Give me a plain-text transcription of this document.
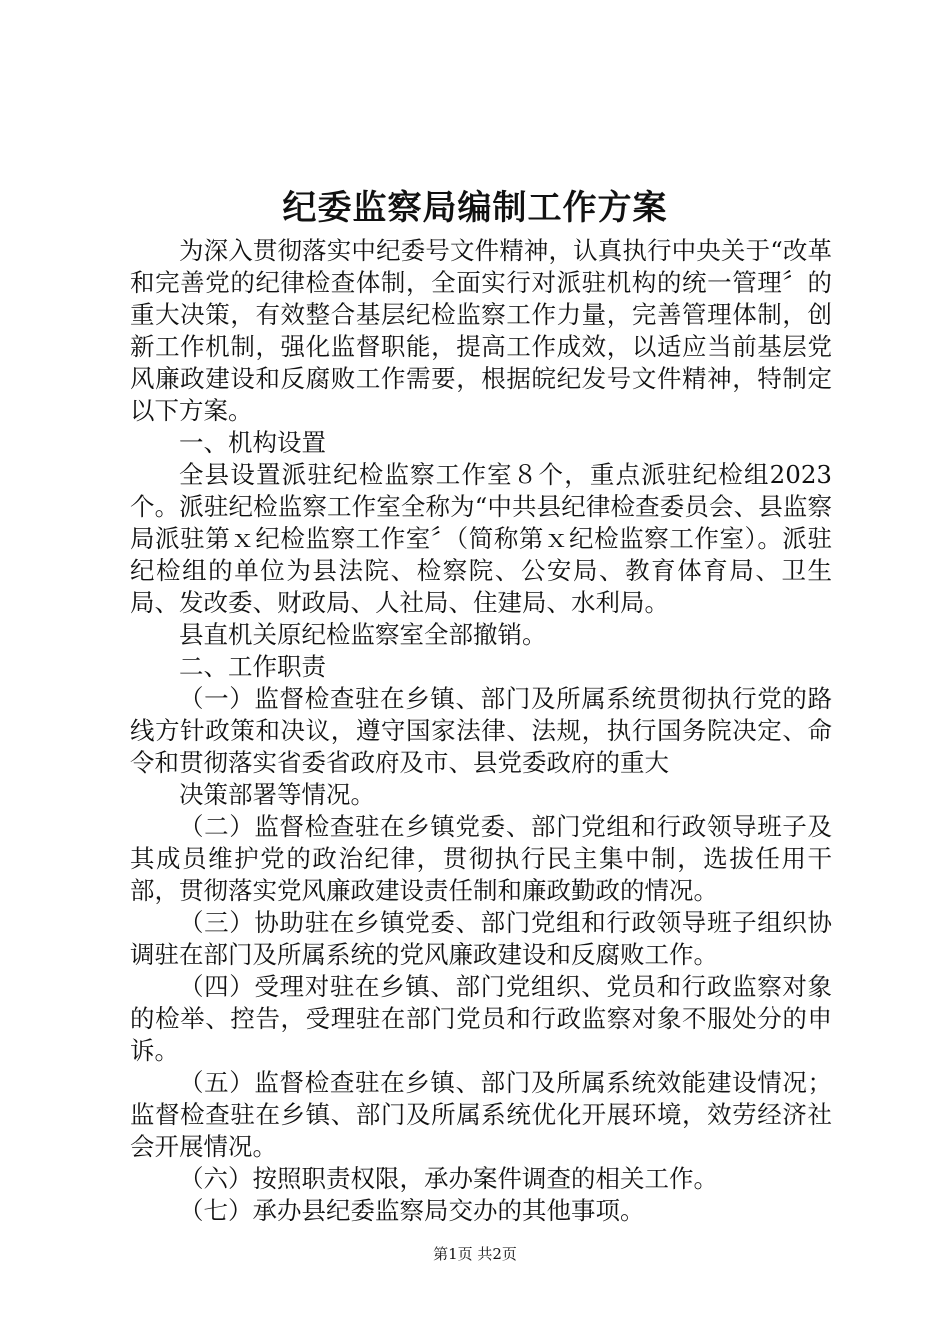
纪委监察局编制工作方案

为深入贯彻落实中纪委号文件精神，认真执行中央关于“改革和完善党的纪律检查体制，全面实行对派驻机构的统一管理〞的重大决策，有效整合基层纪检监察工作力量，完善管理体制，创新工作机制，强化监督职能，提高工作成效，以适应当前基层党风廉政建设和反腐败工作需要，根据皖纪发号文件精神，特制定以下方案。

一、机构设置

全县设置派驻纪检监察工作室８个，重点派驻纪检组2023个。派驻纪检监察工作室全称为“中共县纪律检查委员会、县监察局派驻第ｘ纪检监察工作室〞（简称第ｘ纪检监察工作室）。派驻纪检组的单位为县法院、检察院、公安局、教育体育局、卫生局、发改委、财政局、人社局、住建局、水利局。

县直机关原纪检监察室全部撤销。

二、工作职责

（一）监督检查驻在乡镇、部门及所属系统贯彻执行党的路线方针政策和决议，遵守国家法律、法规，执行国务院决定、命令和贯彻落实省委省政府及市、县党委政府的重大

决策部署等情况。

（二）监督检查驻在乡镇党委、部门党组和行政领导班子及其成员维护党的政治纪律，贯彻执行民主集中制，选拔任用干部，贯彻落实党风廉政建设责任制和廉政勤政的情况。

（三）协助驻在乡镇党委、部门党组和行政领导班子组织协调驻在部门及所属系统的党风廉政建设和反腐败工作。

（四）受理对驻在乡镇、部门党组织、党员和行政监察对象的检举、控告，受理驻在部门党员和行政监察对象不服处分的申诉。

（五）监督检查驻在乡镇、部门及所属系统效能建设情况；监督检查驻在乡镇、部门及所属系统优化开展环境，效劳经济社会开展情况。

（六）按照职责权限，承办案件调查的相关工作。

（七）承办县纪委监察局交办的其他事项。

第1页 共2页
